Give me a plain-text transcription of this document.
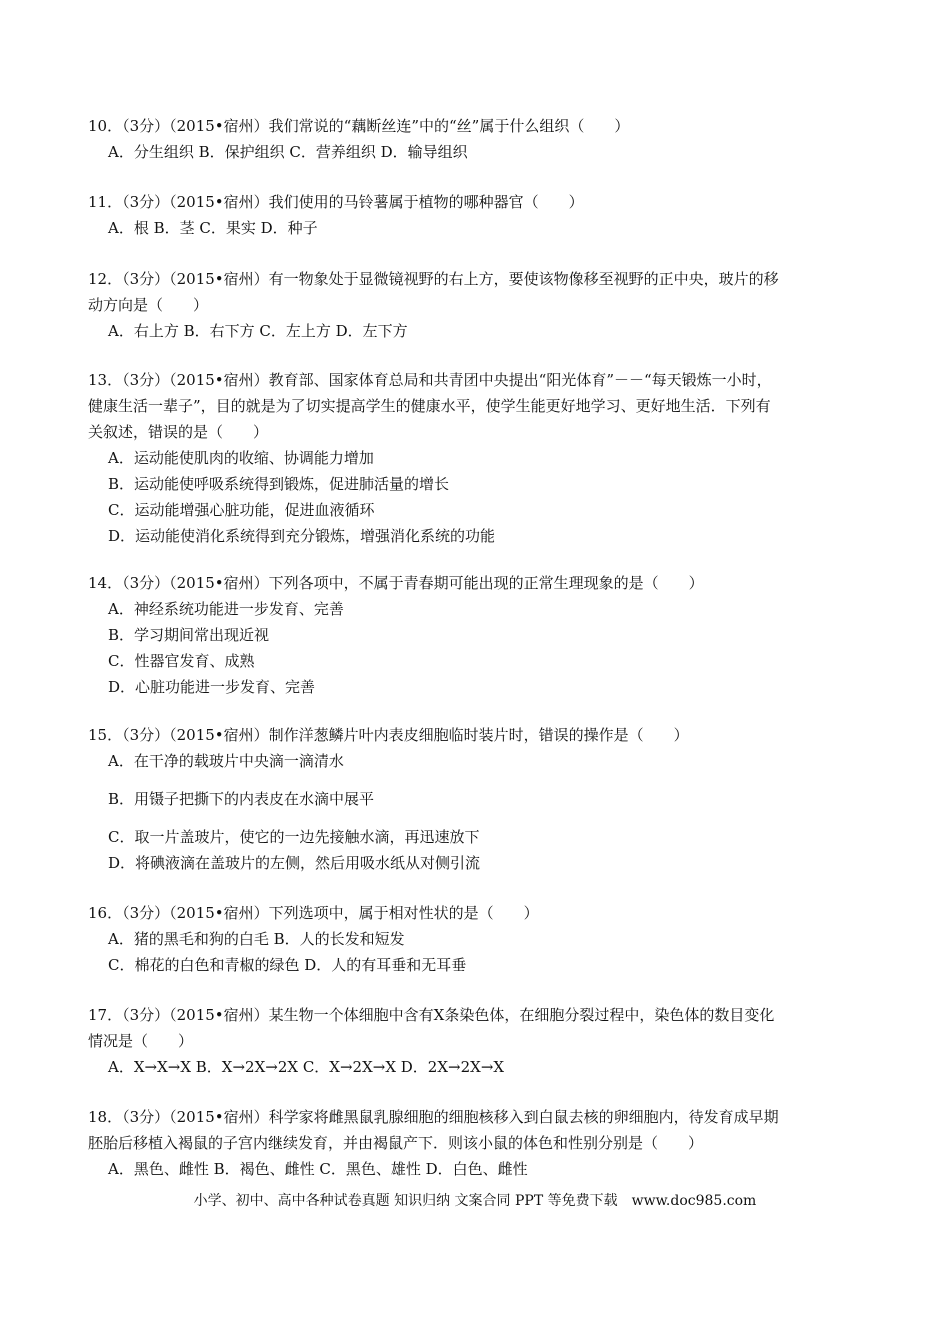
10．（3分）（2015•宿州）我们常说的“藕断丝连”中的“丝”属于什么组织（　　）

A．分生组织 B．保护组织 C．营养组织 D．输导组织

11．（3分）（2015•宿州）我们使用的马铃薯属于植物的哪种器官（　　）

A．根 B．茎 C．果实 D．种子

12．（3分）（2015•宿州）有一物象处于显微镜视野的右上方，要使该物像移至视野的正中央，玻片的移

动方向是（　　）

A．右上方 B．右下方 C．左上方 D．左下方

13．（3分）（2015•宿州）教育部、国家体育总局和共青团中央提出“阳光体育”－－“每天锻炼一小时，

健康生活一辈子”，目的就是为了切实提高学生的健康水平，使学生能更好地学习、更好地生活．下列有

关叙述，错误的是（　　）

A．运动能使肌肉的收缩、协调能力增加

B．运动能使呼吸系统得到锻炼，促进肺活量的增长

C．运动能增强心脏功能，促进血液循环

D．运动能使消化系统得到充分锻炼，增强消化系统的功能

14．（3分）（2015•宿州）下列各项中，不属于青春期可能出现的正常生理现象的是（　　）

A．神经系统功能进一步发育、完善

B．学习期间常出现近视

C．性器官发育、成熟

D．心脏功能进一步发育、完善

15．（3分）（2015•宿州）制作洋葱鳞片叶内表皮细胞临时装片时，错误的操作是（　　）

A．在干净的载玻片中央滴一滴清水

B．用镊子把撕下的内表皮在水滴中展平

C．取一片盖玻片，使它的一边先接触水滴，再迅速放下

D．将碘液滴在盖玻片的左侧，然后用吸水纸从对侧引流

16．（3分）（2015•宿州）下列选项中，属于相对性状的是（　　）

A．猪的黑毛和狗的白毛 B．人的长发和短发

C．棉花的白色和青椒的绿色 D．人的有耳垂和无耳垂

17．（3分）（2015•宿州）某生物一个体细胞中含有X条染色体，在细胞分裂过程中，染色体的数目变化

情况是（　　）

A．X→X→X B．X→2X→2X C．X→2X→X D．2X→2X→X

18．（3分）（2015•宿州）科学家将雌黑鼠乳腺细胞的细胞核移入到白鼠去核的卵细胞内，待发育成早期

胚胎后移植入褐鼠的子宫内继续发育，并由褐鼠产下．则该小鼠的体色和性别分别是（　　）

A．黑色、雌性 B．褐色、雌性 C．黑色、雄性 D．白色、雌性

小学、初中、高中各种试卷真题 知识归纳 文案合同 PPT 等免费下载　www.doc985.com
